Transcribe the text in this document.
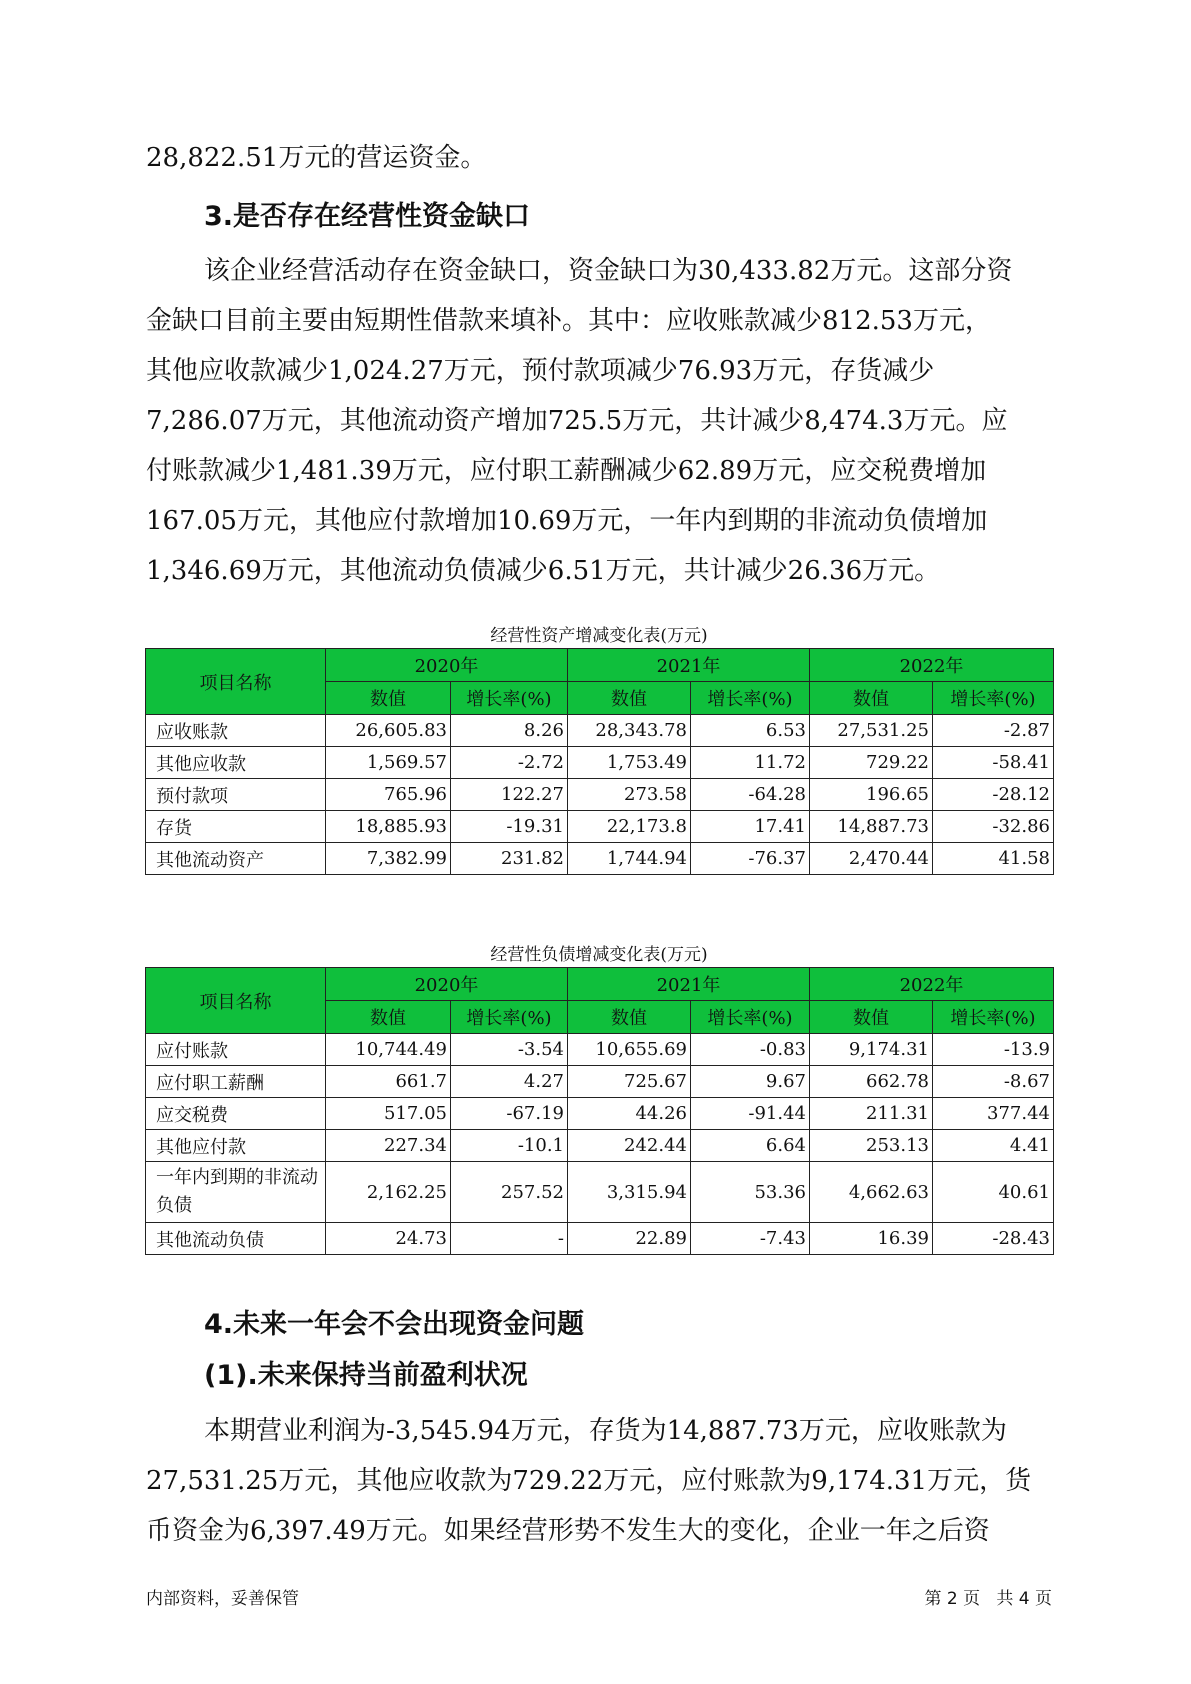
28,822.51万元的营运资金。

3.是否存在经营性资金缺口

该企业经营活动存在资金缺口，资金缺口为30,433.82万元。这部分资
金缺口目前主要由短期性借款来填补。其中：应收账款减少812.53万元，
其他应收款减少1,024.27万元，预付款项减少76.93万元，存货减少
7,286.07万元，其他流动资产增加725.5万元，共计减少8,474.3万元。应
付账款减少1,481.39万元，应付职工薪酬减少62.89万元，应交税费增加
167.05万元，其他应付款增加10.69万元，一年内到期的非流动负债增加
1,346.69万元，其他流动负债减少6.51万元，共计减少26.36万元。

经营性资产增减变化表(万元)

项目名称	2020年		2021年		2022年	
	数值	增长率(%)	数值	增长率(%)	数值	增长率(%)
应收账款	26,605.83	8.26	28,343.78	6.53	27,531.25	-2.87
其他应收款	1,569.57	-2.72	1,753.49	11.72	729.22	-58.41
预付款项	765.96	122.27	273.58	-64.28	196.65	-28.12
存货	18,885.93	-19.31	22,173.8	17.41	14,887.73	-32.86
其他流动资产	7,382.99	231.82	1,744.94	-76.37	2,470.44	41.58

经营性负债增减变化表(万元)

项目名称	2020年		2021年		2022年	
	数值	增长率(%)	数值	增长率(%)	数值	增长率(%)
应付账款	10,744.49	-3.54	10,655.69	-0.83	9,174.31	-13.9
应付职工薪酬	661.7	4.27	725.67	9.67	662.78	-8.67
应交税费	517.05	-67.19	44.26	-91.44	211.31	377.44
其他应付款	227.34	-10.1	242.44	6.64	253.13	4.41
一年内到期的非流动负债	2,162.25	257.52	3,315.94	53.36	4,662.63	40.61
其他流动负债	24.73	-	22.89	-7.43	16.39	-28.43
4.未来一年会不会出现资金问题
(1).未来保持当前盈利状况

本期营业利润为-3,545.94万元，存货为14,887.73万元，应收账款为
27,531.25万元，其他应收款为729.22万元，应付账款为9,174.31万元，货
币资金为6,397.49万元。如果经营形势不发生大的变化，企业一年之后资

内部资料，妥善保管	第 2 页   共 4 页
